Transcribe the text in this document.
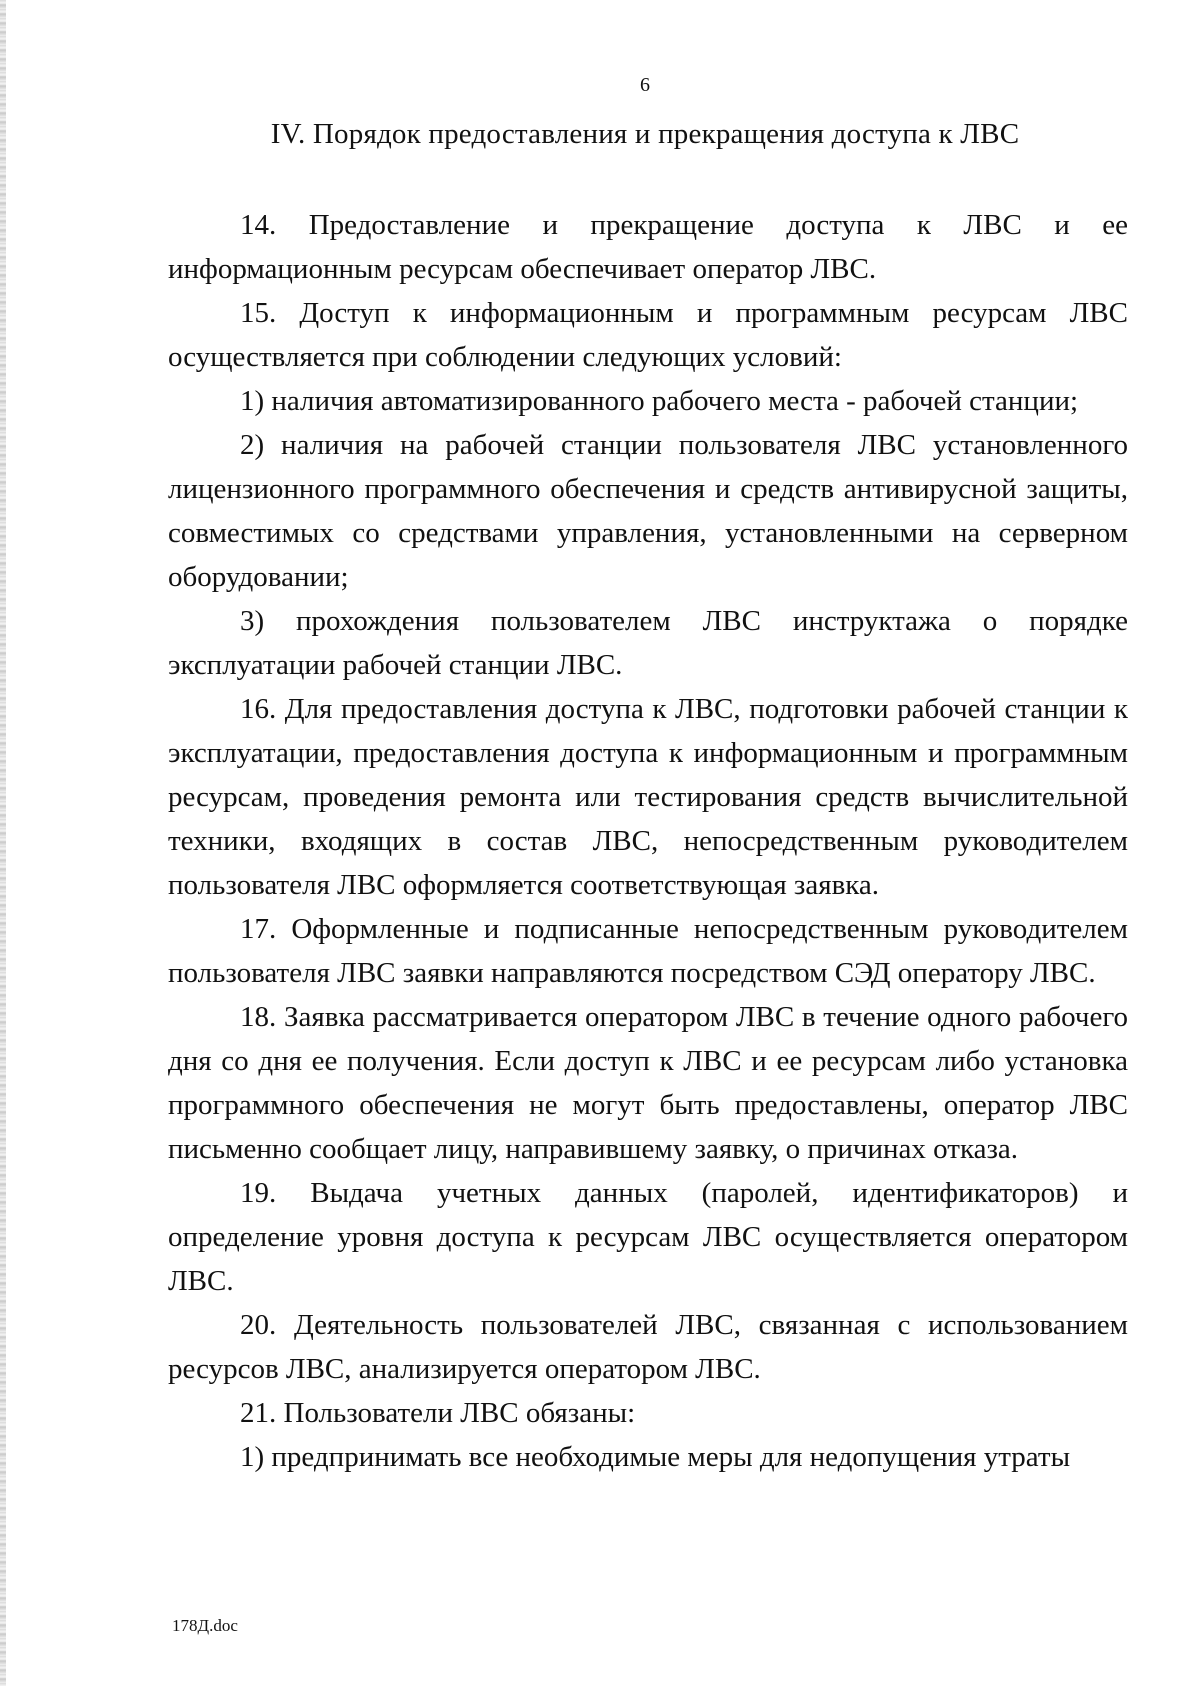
6
IV. Порядок предоставления и прекращения доступа к ЛВС

14. Предоставление и прекращение доступа к ЛВС и ее информационным ресурсам обеспечивает оператор ЛВС.

15. Доступ к информационным и программным ресурсам ЛВС осуществляется при соблюдении следующих условий:

1) наличия автоматизированного рабочего места - рабочей станции;

2) наличия на рабочей станции пользователя ЛВС установленного лицензионного программного обеспечения и средств антивирусной защиты, совместимых со средствами управления, установленными на серверном оборудовании;

3) прохождения пользователем ЛВС инструктажа о порядке эксплуатации рабочей станции ЛВС.

16. Для предоставления доступа к ЛВС, подготовки рабочей станции к эксплуатации, предоставления доступа к информационным и программным ресурсам, проведения ремонта или тестирования средств вычислительной техники, входящих в состав ЛВС, непосредственным руководителем пользователя ЛВС оформляется соответствующая заявка.

17. Оформленные и подписанные непосредственным руководителем пользователя ЛВС заявки направляются посредством СЭД оператору ЛВС.

18. Заявка рассматривается оператором ЛВС в течение одного рабочего дня со дня ее получения. Если доступ к ЛВС и ее ресурсам либо установка программного обеспечения не могут быть предоставлены, оператор ЛВС письменно сообщает лицу, направившему заявку, о причинах отказа.

19. Выдача учетных данных (паролей, идентификаторов) и определение уровня доступа к ресурсам ЛВС осуществляется оператором ЛВС.

20. Деятельность пользователей ЛВС, связанная с использованием ресурсов ЛВС, анализируется оператором ЛВС.

21. Пользователи ЛВС обязаны:

1) предпринимать все необходимые меры для недопущения утраты

178Д.doc
